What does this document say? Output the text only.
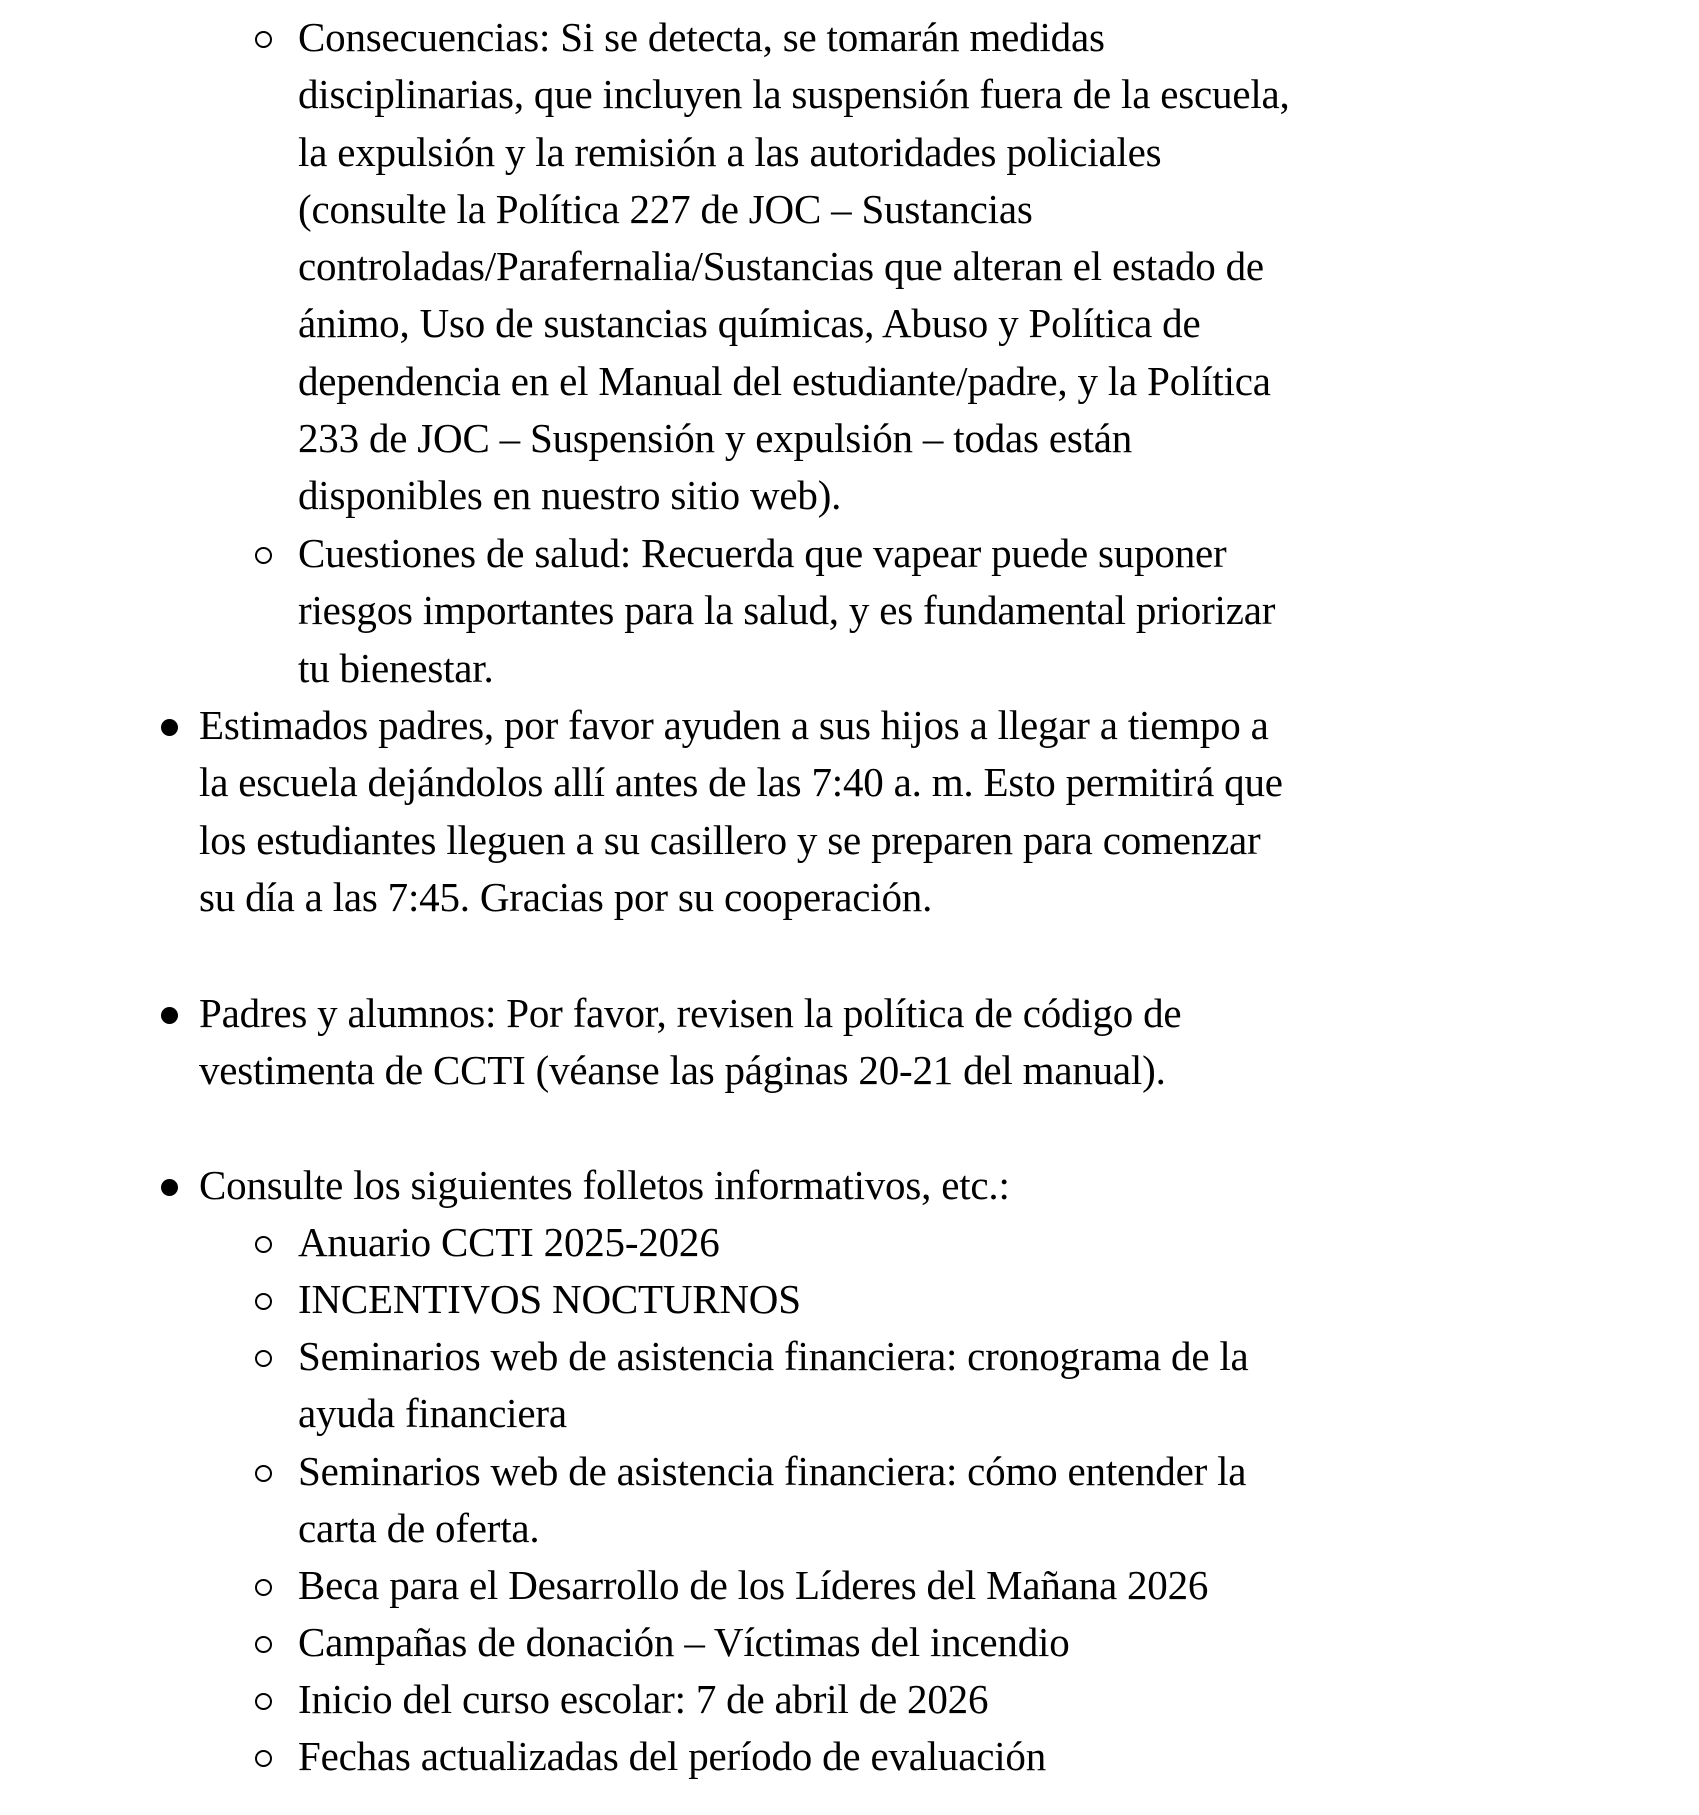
Consecuencias: Si se detecta, se tomarán medidas
disciplinarias, que incluyen la suspensión fuera de la escuela,
la expulsión y la remisión a las autoridades policiales
(consulte la Política 227 de JOC – Sustancias
controladas/Parafernalia/Sustancias que alteran el estado de
ánimo, Uso de sustancias químicas, Abuso y Política de
dependencia en el Manual del estudiante/padre, y la Política
233 de JOC – Suspensión y expulsión – todas están
disponibles en nuestro sitio web).
Cuestiones de salud: Recuerda que vapear puede suponer
riesgos importantes para la salud, y es fundamental priorizar
tu bienestar.
Estimados padres, por favor ayuden a sus hijos a llegar a tiempo a
la escuela dejándolos allí antes de las 7:40 a. m. Esto permitirá que
los estudiantes lleguen a su casillero y se preparen para comenzar
su día a las 7:45. Gracias por su cooperación.
Padres y alumnos: Por favor, revisen la política de código de
vestimenta de CCTI (véanse las páginas 20-21 del manual).
Consulte los siguientes folletos informativos, etc.:
Anuario CCTI 2025-2026
INCENTIVOS NOCTURNOS
Seminarios web de asistencia financiera: cronograma de la
ayuda financiera
Seminarios web de asistencia financiera: cómo entender la
carta de oferta.
Beca para el Desarrollo de los Líderes del Mañana 2026
Campañas de donación – Víctimas del incendio
Inicio del curso escolar: 7 de abril de 2026
Fechas actualizadas del período de evaluación
